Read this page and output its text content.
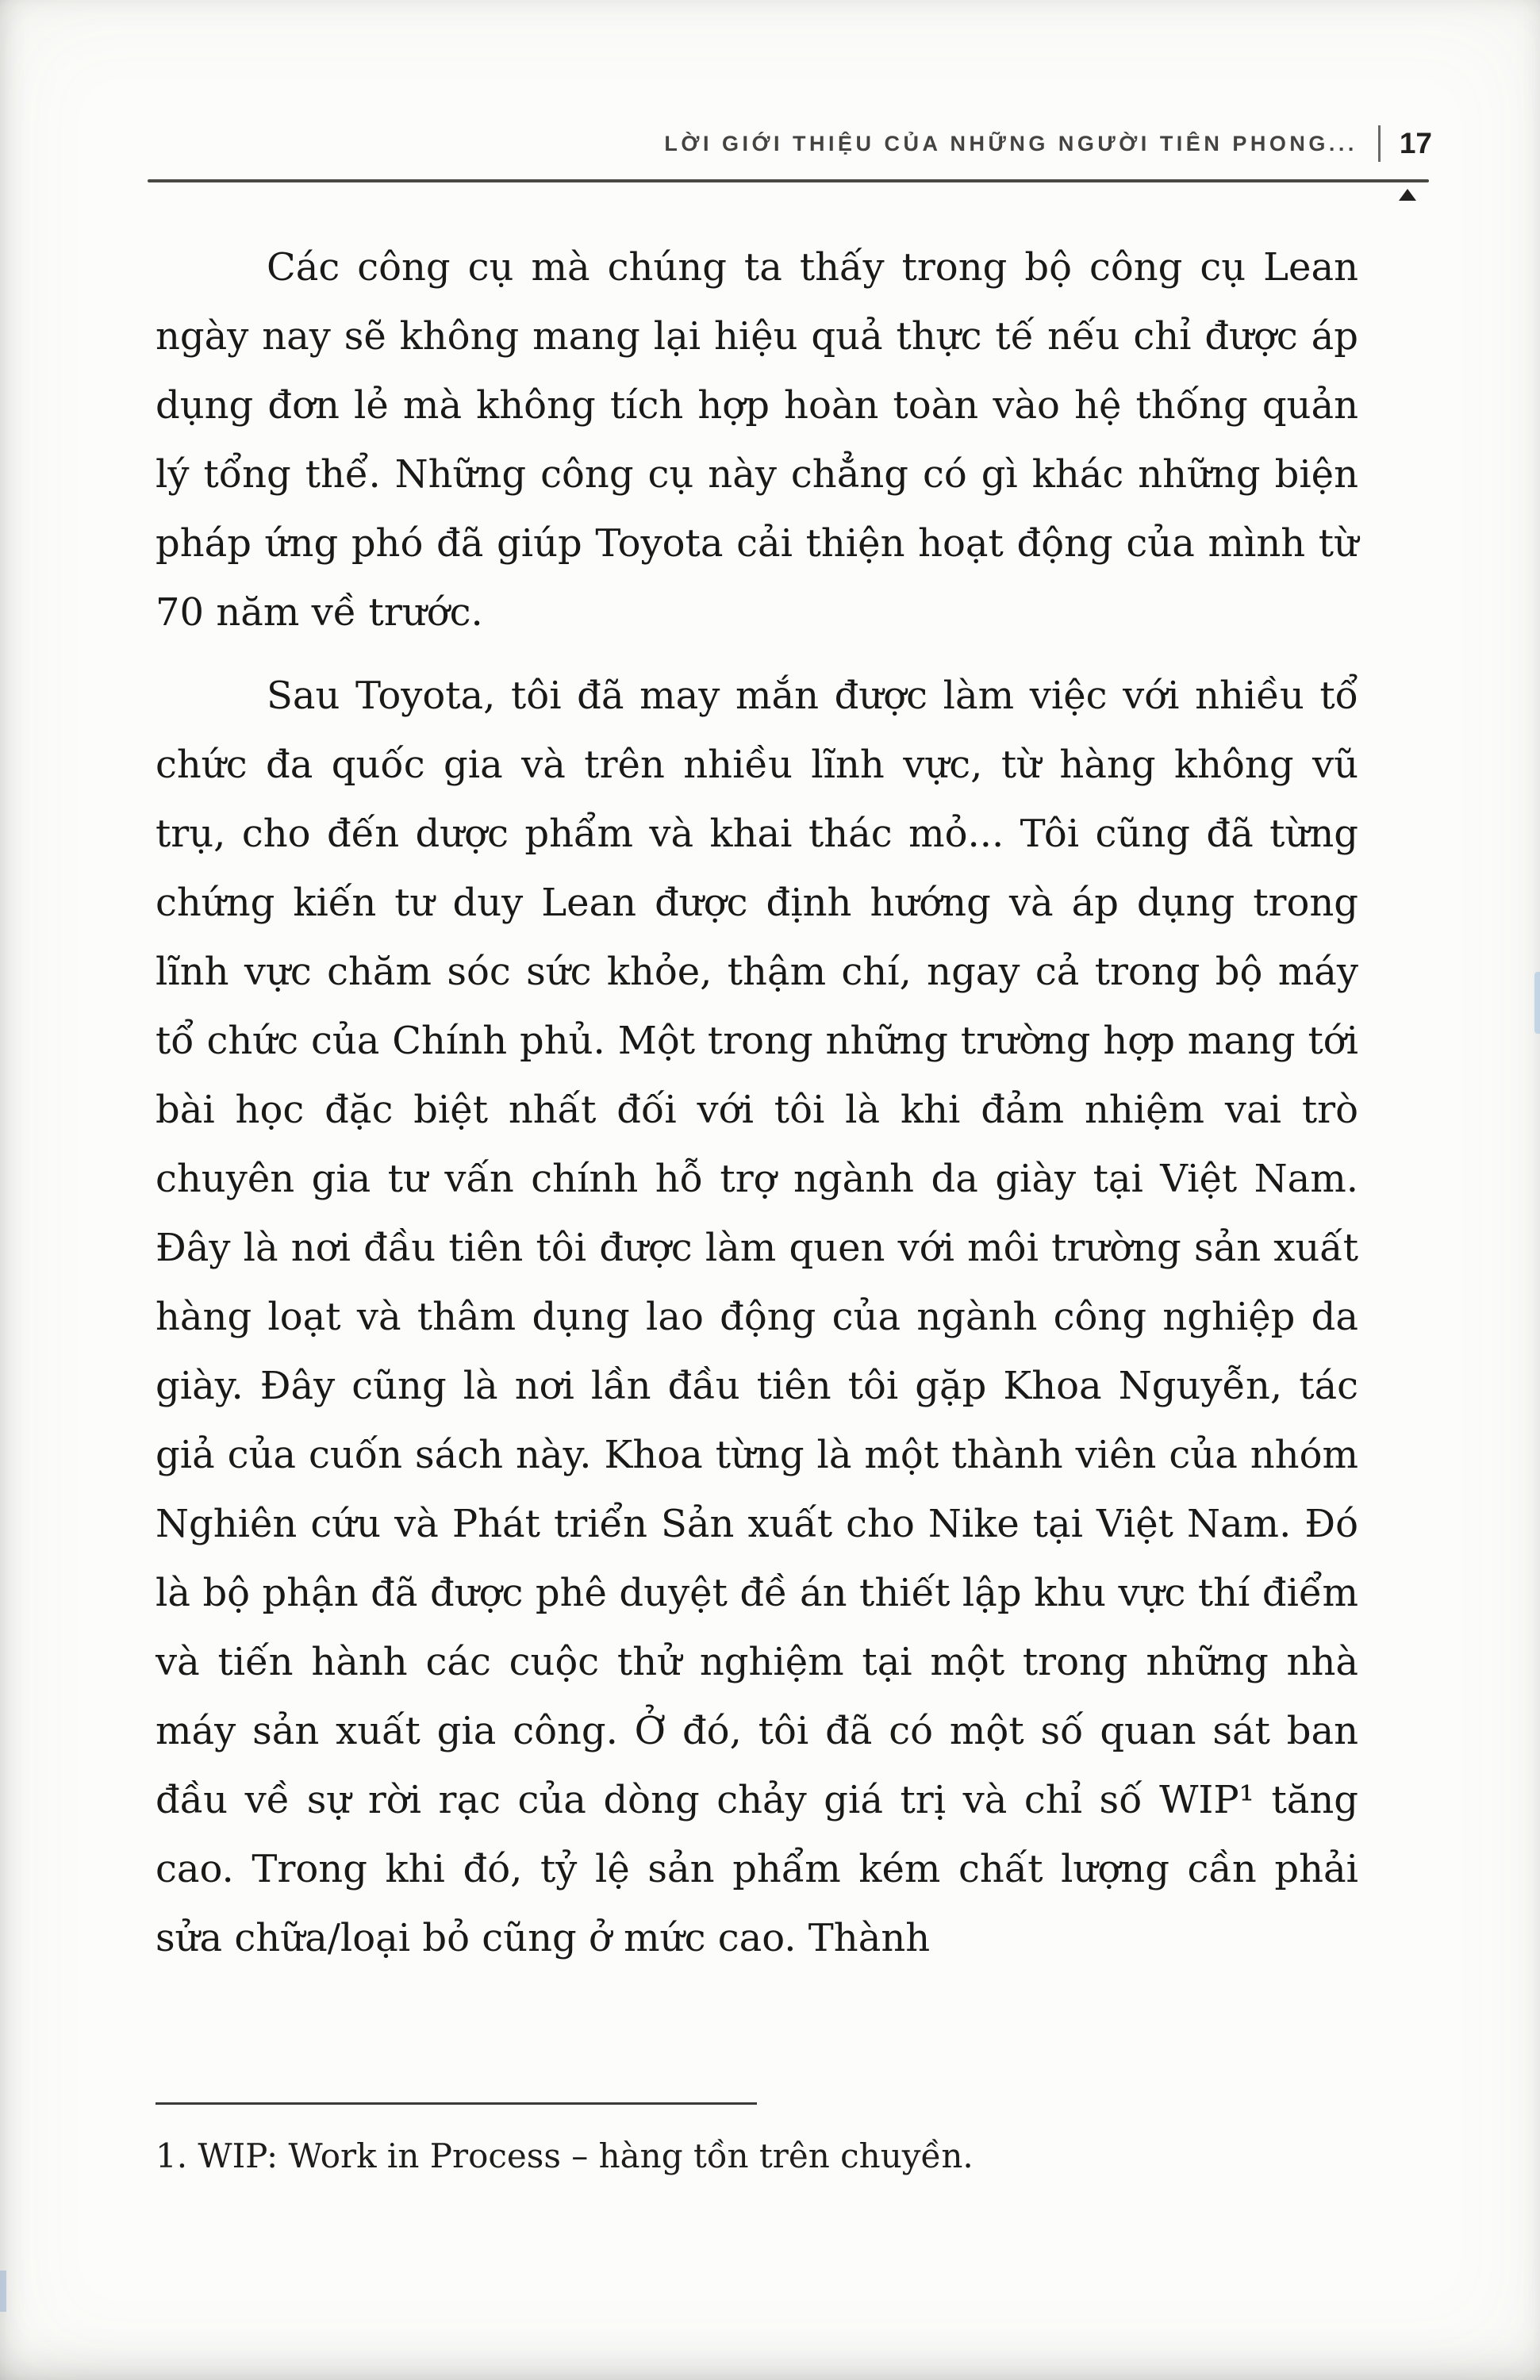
LỜI GIỚI THIỆU CỦA NHỮNG NGƯỜI TIÊN PHONG... 17

Các công cụ mà chúng ta thấy trong bộ công cụ Lean ngày nay sẽ không mang lại hiệu quả thực tế nếu chỉ được áp dụng đơn lẻ mà không tích hợp hoàn toàn vào hệ thống quản lý tổng thể. Những công cụ này chẳng có gì khác những biện pháp ứng phó đã giúp Toyota cải thiện hoạt động của mình từ 70 năm về trước.

Sau Toyota, tôi đã may mắn được làm việc với nhiều tổ chức đa quốc gia và trên nhiều lĩnh vực, từ hàng không vũ trụ, cho đến dược phẩm và khai thác mỏ... Tôi cũng đã từng chứng kiến tư duy Lean được định hướng và áp dụng trong lĩnh vực chăm sóc sức khỏe, thậm chí, ngay cả trong bộ máy tổ chức của Chính phủ. Một trong những trường hợp mang tới bài học đặc biệt nhất đối với tôi là khi đảm nhiệm vai trò chuyên gia tư vấn chính hỗ trợ ngành da giày tại Việt Nam. Đây là nơi đầu tiên tôi được làm quen với môi trường sản xuất hàng loạt và thâm dụng lao động của ngành công nghiệp da giày. Đây cũng là nơi lần đầu tiên tôi gặp Khoa Nguyễn, tác giả của cuốn sách này. Khoa từng là một thành viên của nhóm Nghiên cứu và Phát triển Sản xuất cho Nike tại Việt Nam. Đó là bộ phận đã được phê duyệt đề án thiết lập khu vực thí điểm và tiến hành các cuộc thử nghiệm tại một trong những nhà máy sản xuất gia công. Ở đó, tôi đã có một số quan sát ban đầu về sự rời rạc của dòng chảy giá trị và chỉ số WIP¹ tăng cao. Trong khi đó, tỷ lệ sản phẩm kém chất lượng cần phải sửa chữa/loại bỏ cũng ở mức cao. Thành

1. WIP: Work in Process – hàng tồn trên chuyền.
